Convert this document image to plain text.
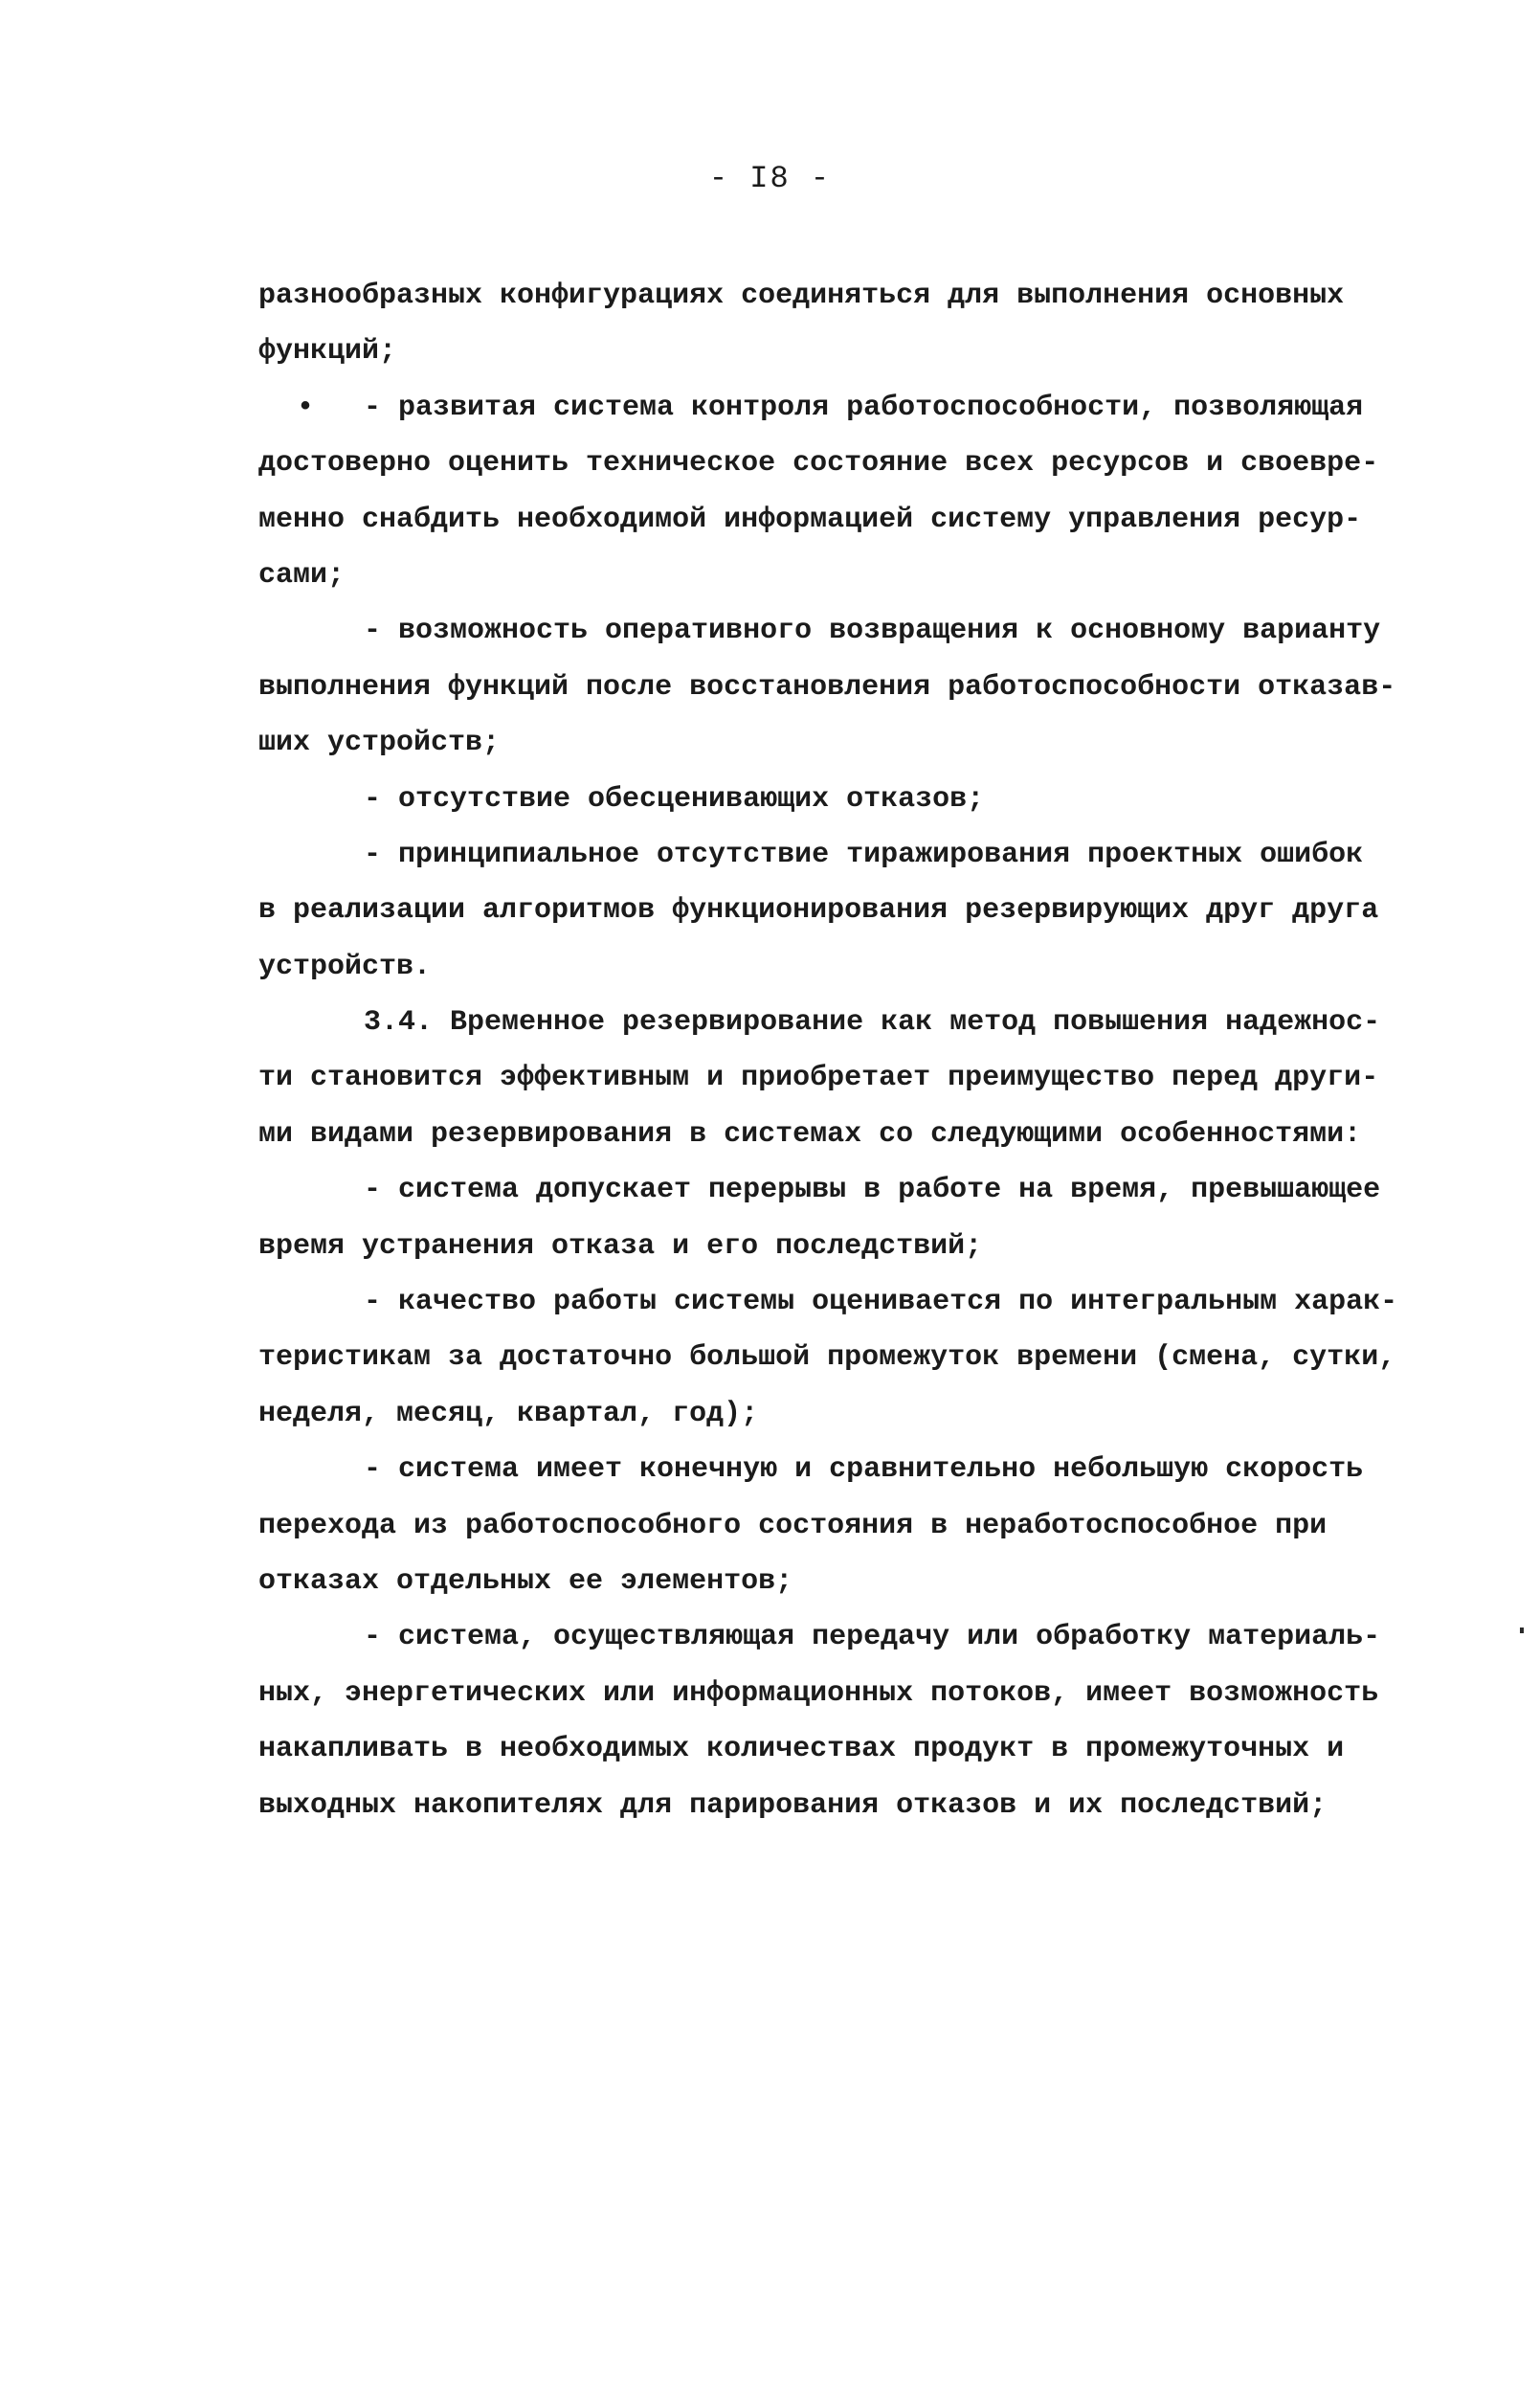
- I8 -
разнообразных конфигурациях соединяться для выполнения основных
функций;
• - развитая система контроля работоспособности, позволяющая
достоверно оценить техническое состояние всех ресурсов и своевре-
менно снабдить необходимой информацией систему управления ресур-
сами;
- возможность оперативного возвращения к основному варианту
выполнения функций после восстановления работоспособности отказав-
ших устройств;
- отсутствие обесценивающих отказов;
- принципиальное отсутствие тиражирования проектных ошибок
в реализации алгоритмов функционирования резервирующих друг друга
устройств.
3.4. Временное резервирование как метод повышения надежнос-
ти становится эффективным и приобретает преимущество перед други-
ми видами резервирования в системах со следующими особенностями:
- система допускает перерывы в работе на время, превышающее
время устранения отказа и его последствий;
- качество работы системы оценивается по интегральным харак-
теристикам за достаточно большой промежуток времени (смена, сутки,
неделя, месяц, квартал, год);
- система имеет конечную и сравнительно небольшую скорость
перехода из работоспособного состояния в неработоспособное при
отказах отдельных ее элементов;
- система, осуществляющая передачу или обработку материаль-
ных, энергетических или информационных потоков, имеет возможность
накапливать в необходимых количествах продукт в промежуточных и
выходных накопителях для парирования отказов и их последствий;
